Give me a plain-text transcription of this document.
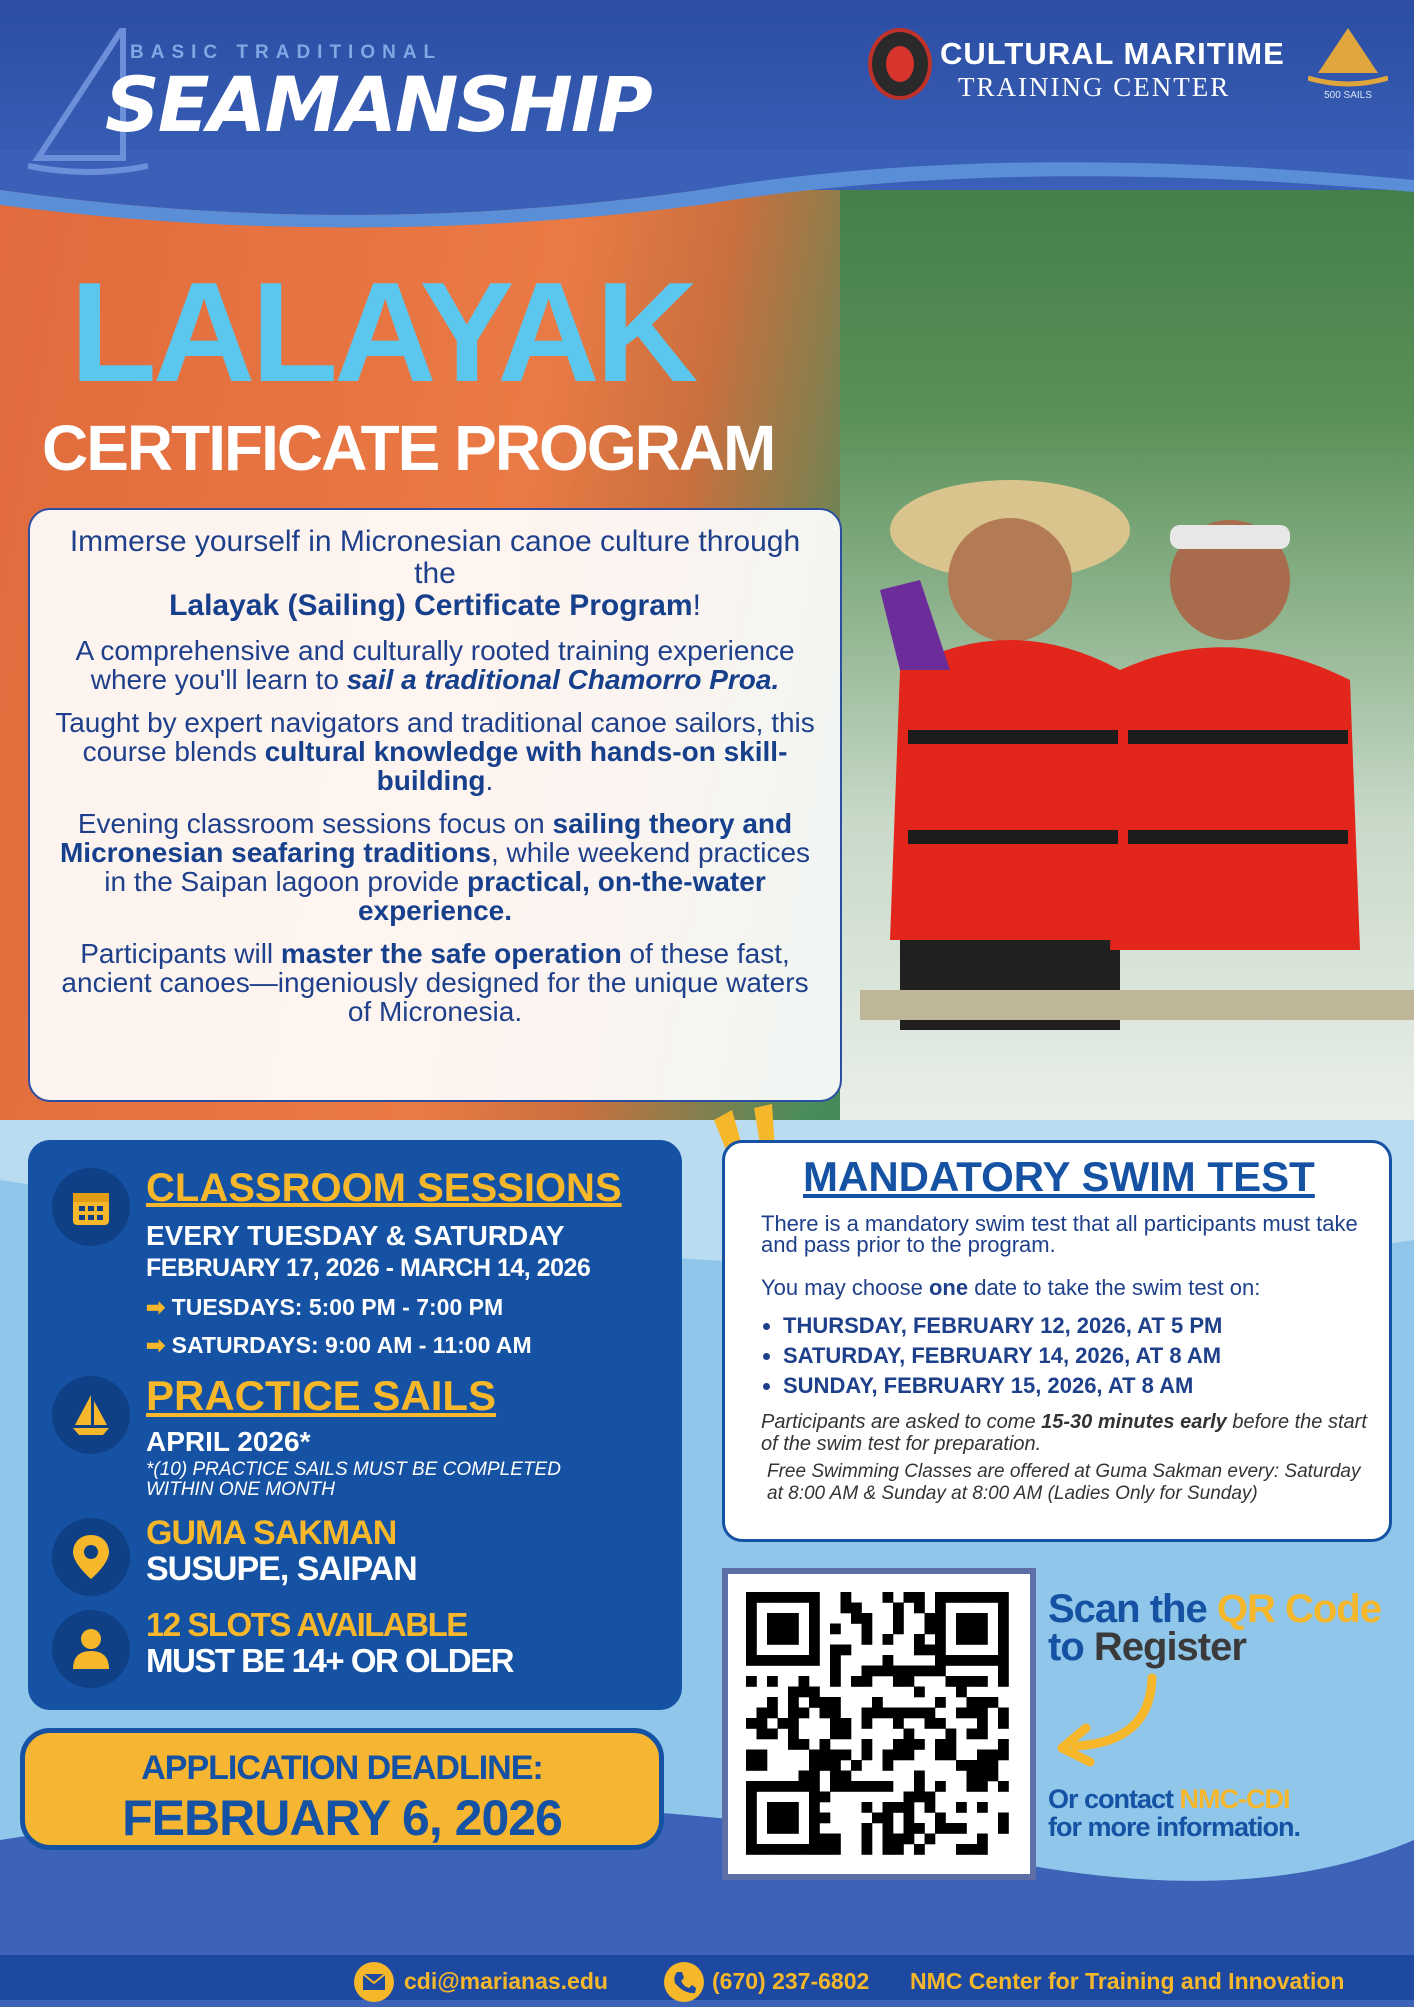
BASIC TRADITIONAL
SEAMANSHIP
CULTURAL MARITIME
TRAINING CENTER	500 SAILS
LALAYAK
CERTIFICATE PROGRAM

Immerse yourself in Micronesian canoe culture through the
Lalayak (Sailing) Certificate Program!

A comprehensive and culturally rooted training experience where you'll learn to sail a traditional Chamorro Proa.

Taught by expert navigators and traditional canoe sailors, this course blends cultural knowledge with hands-on skill-building.

Evening classroom sessions focus on sailing theory and Micronesian seafaring traditions, while weekend practices in the Saipan lagoon provide practical, on-the-water experience.

Participants will master the safe operation of these fast, ancient canoes—ingeniously designed for the unique waters of Micronesia.

CLASSROOM SESSIONS
EVERY TUESDAY & SATURDAY
FEBRUARY 17, 2026 - MARCH 14, 2026
➡ TUESDAYS: 5:00 PM - 7:00 PM
➡ SATURDAYS: 9:00 AM - 11:00 AM
PRACTICE SAILS
APRIL 2026*
*(10) PRACTICE SAILS MUST BE COMPLETED
WITHIN ONE MONTH
GUMA SAKMAN
SUSUPE, SAIPAN
12 SLOTS AVAILABLE
MUST BE 14+ OR OLDER
APPLICATION DEADLINE:
FEBRUARY 6, 2026
MANDATORY SWIM TEST
There is a mandatory swim test that all participants must take and pass prior to the program.
You may choose one date to take the swim test on:
• THURSDAY, FEBRUARY 12, 2026, AT 5 PM
• SATURDAY, FEBRUARY 14, 2026, AT 8 AM
• SUNDAY, FEBRUARY 15, 2026, AT 8 AM
Participants are asked to come 15-30 minutes early before the start of the swim test for preparation.
Free Swimming Classes are offered at Guma Sakman every: Saturday at 8:00 AM & Sunday at 8:00 AM (Ladies Only for Sunday)
Scan the QR Code
to Register
Or contact NMC-CDI
for more information.
cdi@marianas.edu	(670) 237-6802 NMC Center for Training and Innovation
